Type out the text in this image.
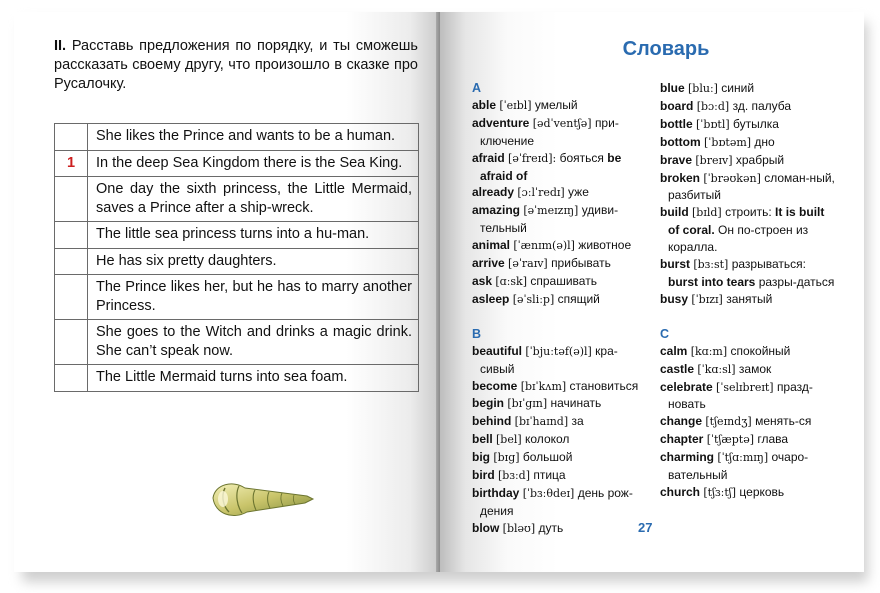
II. Расставь предложения по порядку, и ты сможешь рассказать своему другу, что произошло в сказке про Русалочку.
	She likes the Prince and wants to be a human.
1	In the deep Sea Kingdom there is the Sea King.
	One day the sixth princess, the Little Mermaid, saves a Prince after a ship-wreck.
	The little sea princess turns into a hu-man.
	He has six pretty daughters.
	The Prince likes her, but he has to marry another Princess.
	She goes to the Witch and drinks a magic drink. She can’t speak now.
	The Little Mermaid turns into sea foam.
Словарь
A
able [ˈeɪbl] умелый
adventure [ədˈventʃə] при-ключение
afraid [əˈfreɪd]: бояться be afraid of
already [ɔːlˈredɪ] уже
amazing [əˈmeɪzɪŋ] удиви-тельный
animal [ˈænɪm(ə)l] животное
arrive [əˈraɪv] прибывать
ask [ɑːsk] спрашивать
asleep [əˈsliːp] спящий
B
beautiful [ˈbjuːtəf(ə)l] кра-сивый
become [bɪˈkʌm] становиться
begin [bɪˈgɪn] начинать
behind [bɪˈhaɪnd] за
bell [bel] колокол
big [bɪg] большой
bird [bɜːd] птица
birthday [ˈbɜːθdeɪ] день рож-дения
blow [bləʊ] дуть
blue [bluː] синий
board [bɔːd] зд. палуба
bottle [ˈbɒtl] бутылка
bottom [ˈbɒtəm] дно
brave [breɪv] храбрый
broken [ˈbrəʊkən] сломан-ный, разбитый
build [bɪld] строить: It is built of coral. Он по-строен из коралла.
burst [bɜːst] разрываться: burst into tears разры-даться
busy [ˈbɪzɪ] занятый
C
calm [kɑːm] спокойный
castle [ˈkɑːsl] замок
celebrate [ˈselɪbreɪt] празд-новать
change [tʃeɪndʒ] менять-ся
chapter [ˈtʃæptə] глава
charming [ˈtʃɑːmɪŋ] очаро-вательный
church [tʃɜːtʃ] церковь
27
